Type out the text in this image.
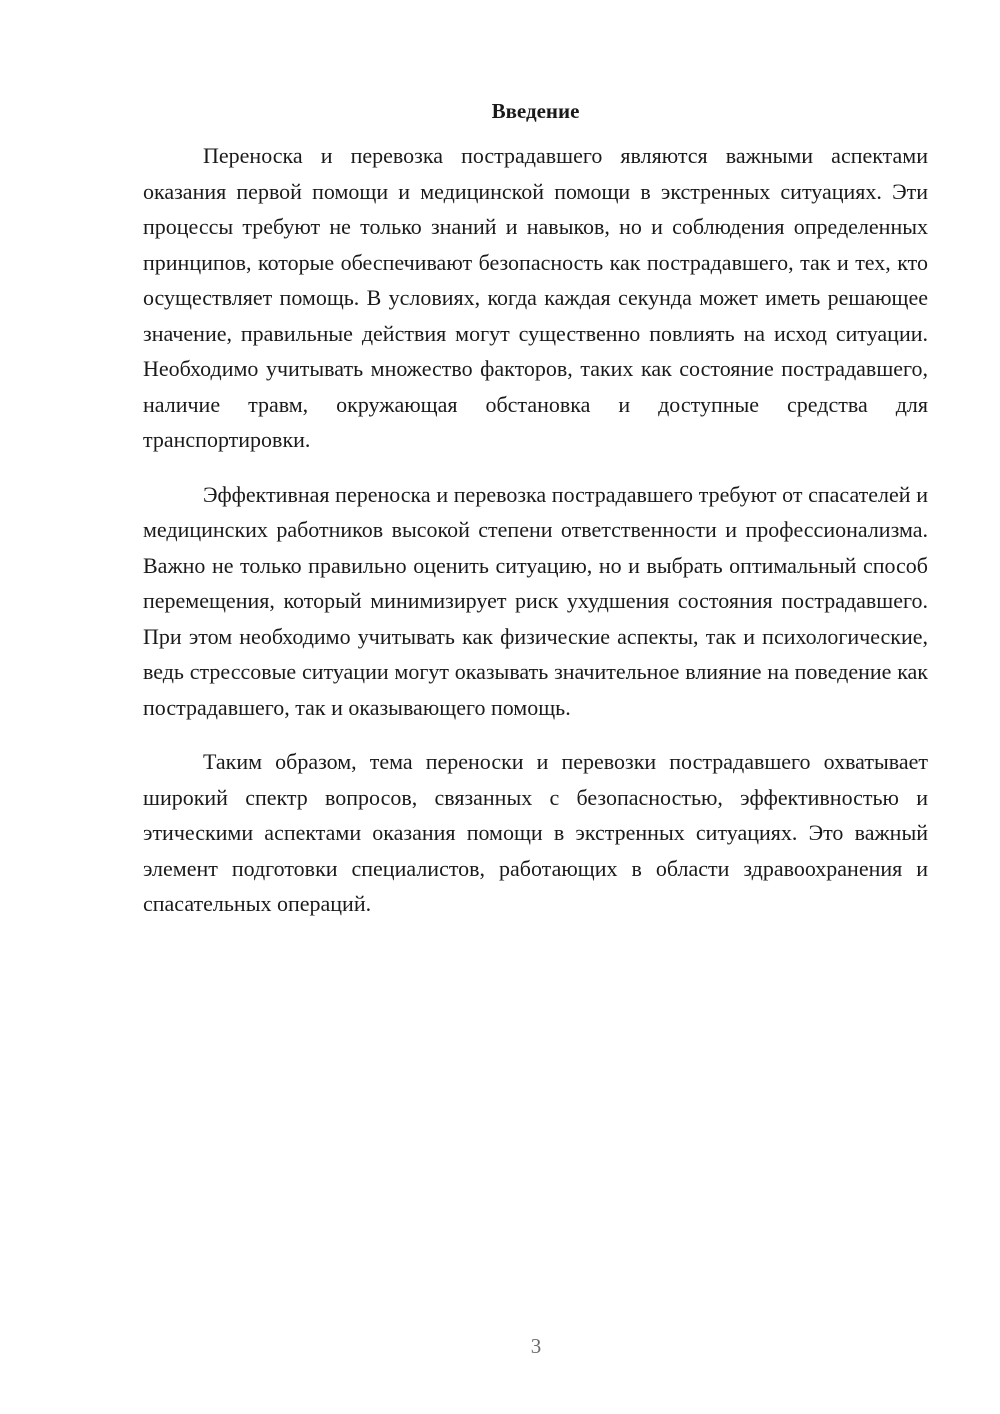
Введение

Переноска и перевозка пострадавшего являются важными аспектами оказания первой помощи и медицинской помощи в экстренных ситуациях. Эти процессы требуют не только знаний и навыков, но и соблюдения определенных принципов, которые обеспечивают безопасность как пострадавшего, так и тех, кто осуществляет помощь. В условиях, когда каждая секунда может иметь решающее значение, правильные действия могут существенно повлиять на исход ситуации. Необходимо учитывать множество факторов, таких как состояние пострадавшего, наличие травм, окружающая обстановка и доступные средства для транспортировки.

Эффективная переноска и перевозка пострадавшего требуют от спасателей и медицинских работников высокой степени ответственности и профессионализма. Важно не только правильно оценить ситуацию, но и выбрать оптимальный способ перемещения, который минимизирует риск ухудшения состояния пострадавшего. При этом необходимо учитывать как физические аспекты, так и психологические, ведь стрессовые ситуации могут оказывать значительное влияние на поведение как пострадавшего, так и оказывающего помощь.

Таким образом, тема переноски и перевозки пострадавшего охватывает широкий спектр вопросов, связанных с безопасностью, эффективностью и этическими аспектами оказания помощи в экстренных ситуациях. Это важный элемент подготовки специалистов, работающих в области здравоохранения и спасательных операций.

3
